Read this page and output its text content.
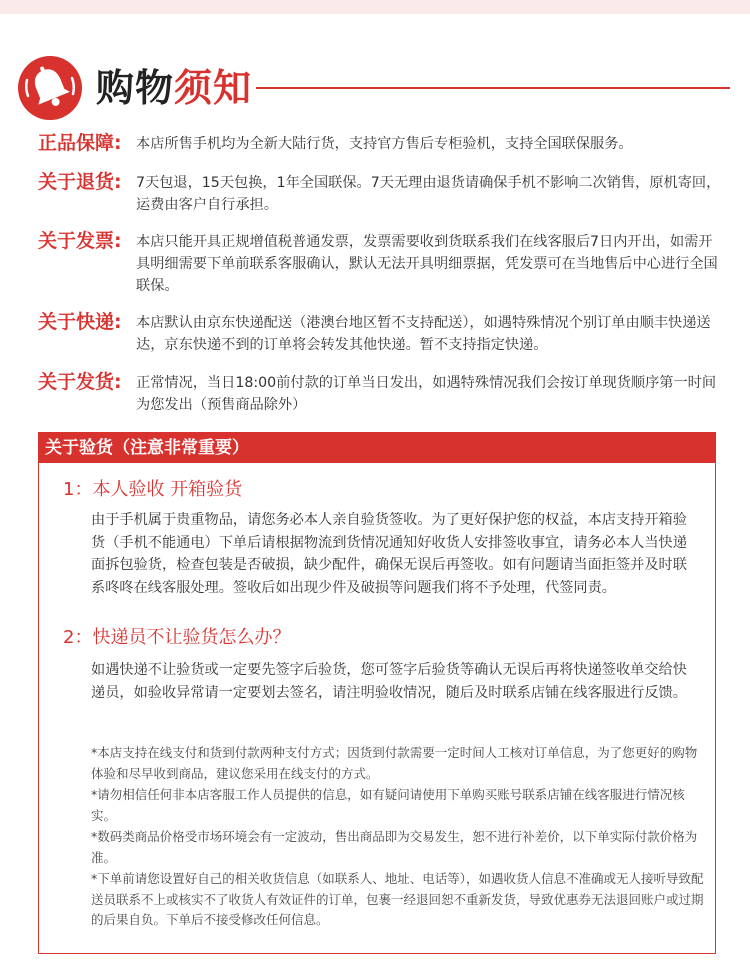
购物须知
正品保障: 本店所售手机均为全新大陆行货，支持官方售后专柜验机，支持全国联保服务。
关于退货: 7天包退，15天包换，1年全国联保。7天无理由退货请确保手机不影响二次销售，原机寄回，运费由客户自行承担。
关于发票: 本店只能开具正规增值税普通发票，发票需要收到货联系我们在线客服后7日内开出，如需开具明细需要下单前联系客服确认，默认无法开具明细票据，凭发票可在当地售后中心进行全国联保。
关于快递: 本店默认由京东快递配送（港澳台地区暂不支持配送），如遇特殊情况个别订单由顺丰快递送达，京东快递不到的订单将会转发其他快递。暂不支持指定快递。
关于发货: 正常情况，当日18:00前付款的订单当日发出，如遇特殊情况我们会按订单现货顺序第一时间为您发出（预售商品除外）
关于验货（注意非常重要）
1：本人验收 开箱验货
由于手机属于贵重物品，请您务必本人亲自验货签收。为了更好保护您的权益，本店支持开箱验货（手机不能通电）下单后请根据物流到货情况通知好收货人安排签收事宜，请务必本人当快递面拆包验货，检查包装是否破损，缺少配件，确保无误后再签收。如有问题请当面拒签并及时联系咚咚在线客服处理。签收后如出现少件及破损等问题我们将不予处理，代签同责。
2：快递员不让验货怎么办？
如遇快递不让验货或一定要先签字后验货，您可签字后验货等确认无误后再将快递签收单交给快递员，如验收异常请一定要划去签名，请注明验收情况，随后及时联系店铺在线客服进行反馈。
*本店支持在线支付和货到付款两种支付方式；因货到付款需要一定时间人工核对订单信息，为了您更好的购物体验和尽早收到商品，建议您采用在线支付的方式。
*请勿相信任何非本店客服工作人员提供的信息，如有疑问请使用下单购买账号联系店铺在线客服进行情况核实。
*数码类商品价格受市场环境会有一定波动，售出商品即为交易发生，恕不进行补差价，以下单实际付款价格为准。
*下单前请您设置好自己的相关收货信息（如联系人、地址、电话等），如遇收货人信息不准确或无人接听导致配送员联系不上或核实不了收货人有效证件的订单，包裹一经退回恕不重新发货，导致优惠券无法退回账户或过期的后果自负。下单后不接受修改任何信息。
